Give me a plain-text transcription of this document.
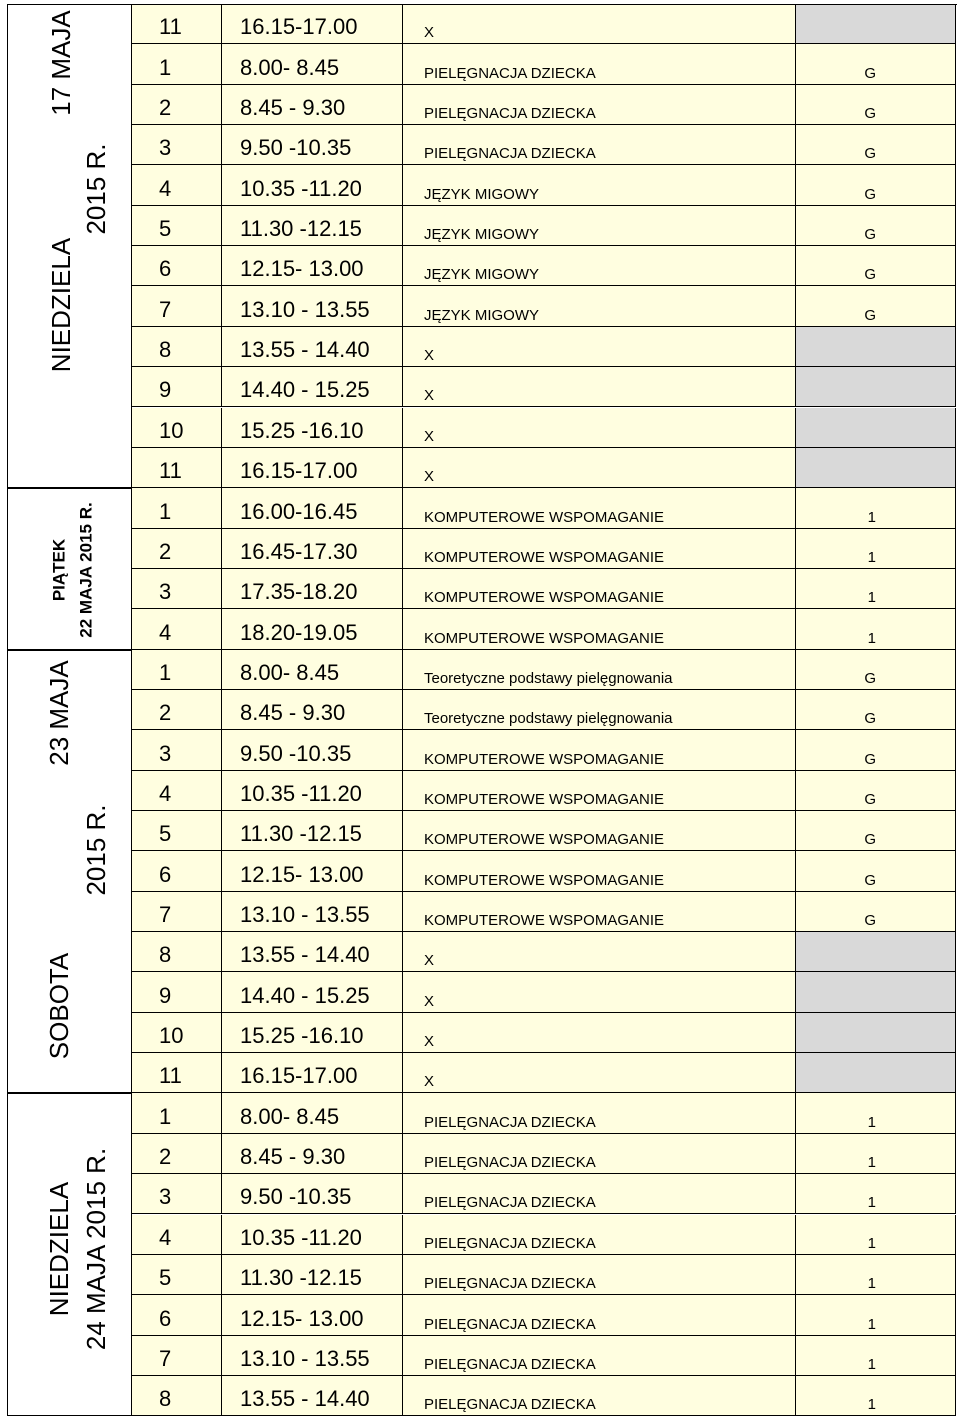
NIEDZIELA
17 MAJA
2015 R.
11	16.15-17.00	X
1	8.00- 8.45	PIELĘGNACJA DZIECKA	G
2	8.45 - 9.30	PIELĘGNACJA DZIECKA	G
3	9.50 -10.35	PIELĘGNACJA DZIECKA	G
4	10.35 -11.20	JĘZYK MIGOWY	G
5	11.30 -12.15	JĘZYK MIGOWY	G
6	12.15- 13.00	JĘZYK MIGOWY	G
7	13.10 - 13.55	JĘZYK MIGOWY	G
8	13.55 - 14.40	X
9	14.40 - 15.25	X
10	15.25 -16.10	X
11	16.15-17.00	X
PIĄTEK 22 MAJA 2015 R.	1	16.00-16.45	KOMPUTEROWE WSPOMAGANIE	1
2	16.45-17.30	KOMPUTEROWE WSPOMAGANIE	1
3	17.35-18.20	KOMPUTEROWE WSPOMAGANIE	1
4	18.20-19.05	KOMPUTEROWE WSPOMAGANIE	1
SOBOTA
23 MAJA
2015 R.
1	8.00- 8.45	Teoretyczne podstawy pielęgnowania	G
2	8.45 - 9.30	Teoretyczne podstawy pielęgnowania	G
3	9.50 -10.35	KOMPUTEROWE WSPOMAGANIE	G
4	10.35 -11.20	KOMPUTEROWE WSPOMAGANIE	G
5	11.30 -12.15	KOMPUTEROWE WSPOMAGANIE	G
6	12.15- 13.00	KOMPUTEROWE WSPOMAGANIE	G
7	13.10 - 13.55	KOMPUTEROWE WSPOMAGANIE	G
8	13.55 - 14.40	X
9	14.40 - 15.25	X
10	15.25 -16.10	X
11	16.15-17.00	X
NIEDZIELA 24 MAJA 2015 R.
1	8.00- 8.45	PIELĘGNACJA DZIECKA	1
2	8.45 - 9.30	PIELĘGNACJA DZIECKA	1
3	9.50 -10.35	PIELĘGNACJA DZIECKA	1
4	10.35 -11.20	PIELĘGNACJA DZIECKA	1
5	11.30 -12.15	PIELĘGNACJA DZIECKA	1
6	12.15- 13.00	PIELĘGNACJA DZIECKA	1
7	13.10 - 13.55	PIELĘGNACJA DZIECKA	1
8	13.55 - 14.40	PIELĘGNACJA DZIECKA	1
